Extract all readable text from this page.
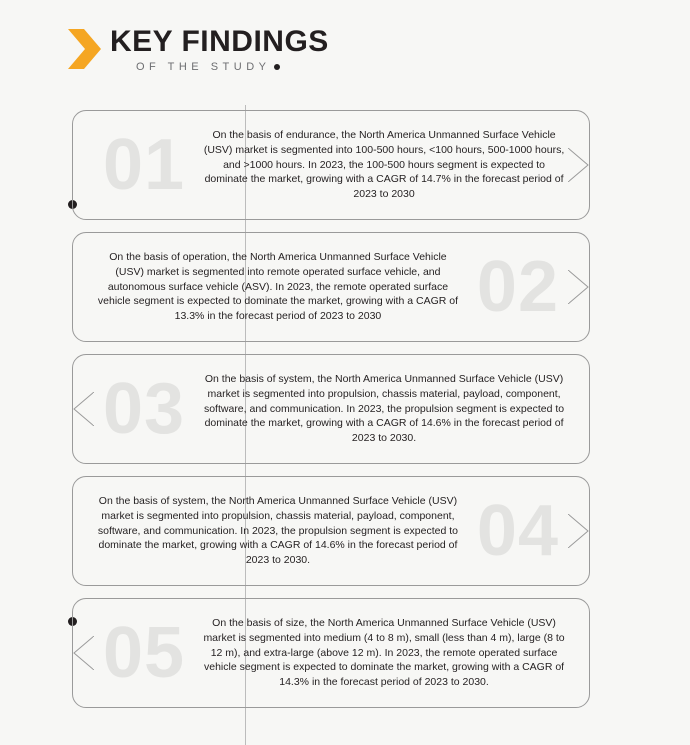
KEY FINDINGS
OF THE STUDY
01	On the basis of endurance, the North America Unmanned Surface Vehicle (USV) market is segmented into 100-500 hours, <100 hours, 500-1000 hours, and >1000 hours. In 2023, the 100-500 hours segment is expected to dominate the market, growing with a CAGR of 14.7% in the forecast period of 2023 to 2030
02
On the basis of operation, the North America Unmanned Surface Vehicle (USV) market is segmented into remote operated surface vehicle, and autonomous surface vehicle (ASV). In 2023, the remote operated surface vehicle segment is expected to dominate the market, growing with a CAGR of 13.3% in the forecast period of 2023 to 2030
03	On the basis of system, the North America Unmanned Surface Vehicle (USV) market is segmented into propulsion, chassis material, payload, component, software, and communication. In 2023, the propulsion segment is expected to dominate the market, growing with a CAGR of 14.6% in the forecast period of 2023 to 2030.
04
On the basis of system, the North America Unmanned Surface Vehicle (USV) market is segmented into propulsion, chassis material, payload, component, software, and communication. In 2023, the propulsion segment is expected to dominate the market, growing with a CAGR of 14.6% in the forecast period of 2023 to 2030.
05	On the basis of size, the North America Unmanned Surface Vehicle (USV) market is segmented into medium (4 to 8 m), small (less than 4 m), large (8 to 12 m), and extra-large (above 12 m). In 2023, the remote operated surface vehicle segment is expected to dominate the market, growing with a CAGR of 14.3% in the forecast period of 2023 to 2030.
